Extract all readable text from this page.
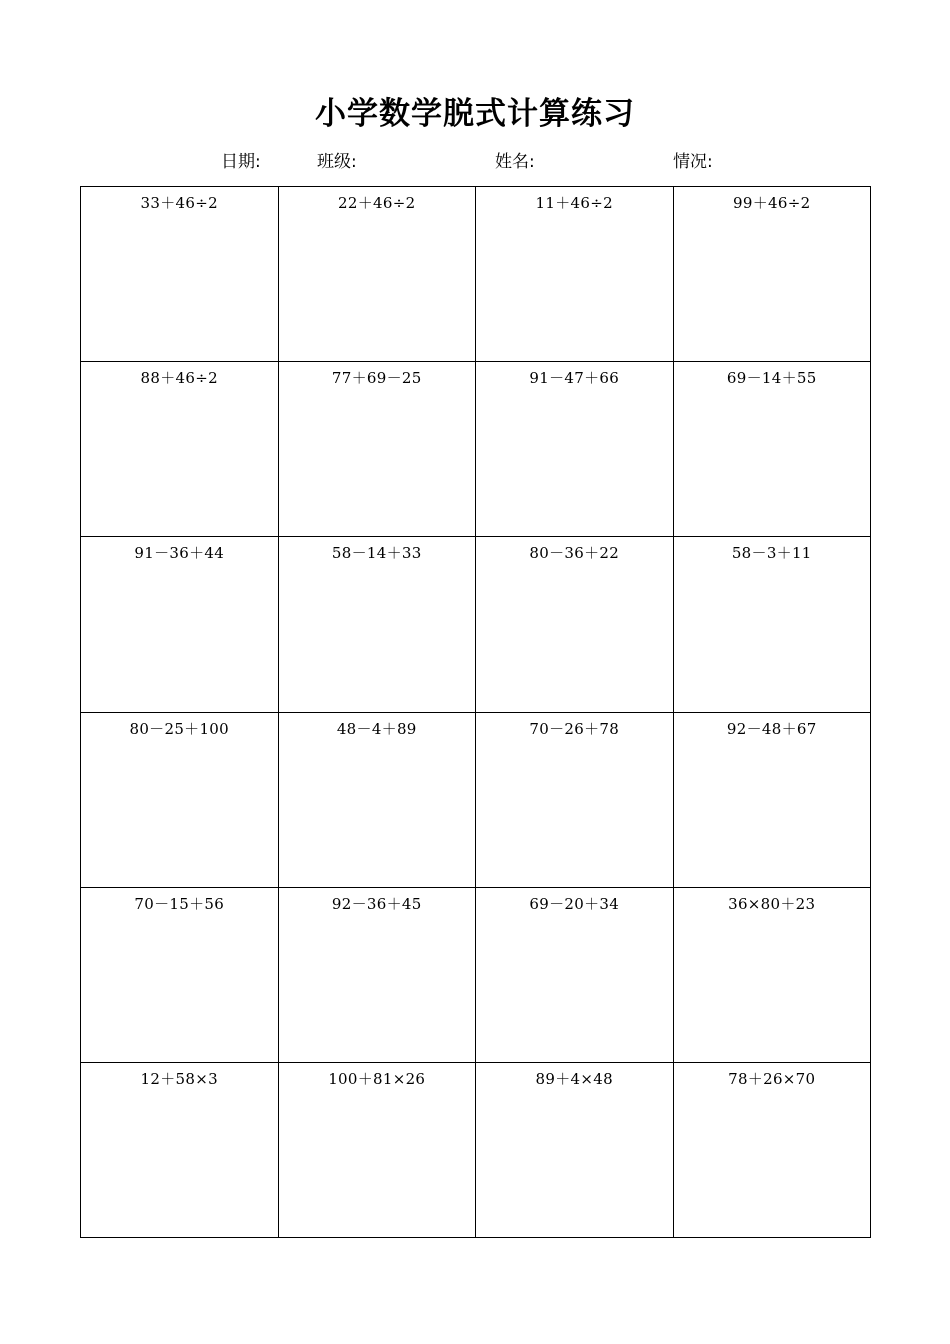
小学数学脱式计算练习
日期:	班级:	姓名:	情况:
33＋46÷2	22＋46÷2	11＋46÷2	99＋46÷2
88＋46÷2	77＋69－25	91－47＋66	69－14＋55
91－36＋44	58－14＋33	80－36＋22	58－3＋11
80－25＋100	48－4＋89	70－26＋78	92－48＋67
70－15＋56	92－36＋45	69－20＋34	36×80＋23
12＋58×3	100＋81×26	89＋4×48	78＋26×70
